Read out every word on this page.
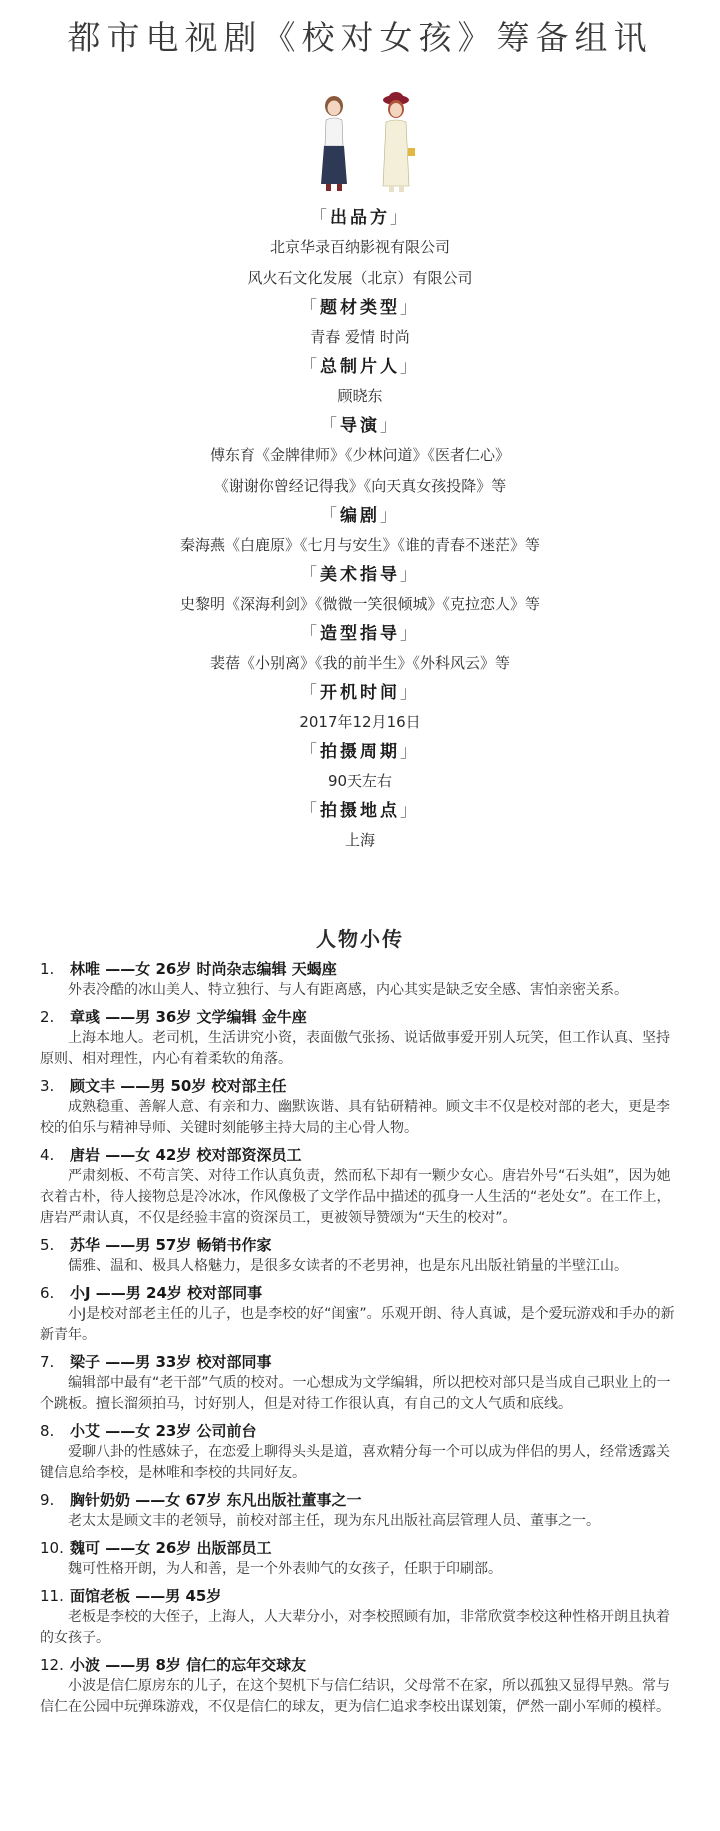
都市电视剧《校对女孩》筹备组讯
「出品方」
北京华录百纳影视有限公司
风火石文化发展（北京）有限公司
「题材类型」
青春 爱情 时尚
「总制片人」
顾晓东
「导演」
傅东育《金牌律师》《少林问道》《医者仁心》
《谢谢你曾经记得我》《向天真女孩投降》等
「编剧」
秦海燕《白鹿原》《七月与安生》《谁的青春不迷茫》等
「美术指导」
史黎明《深海利剑》《微微一笑很倾城》《克拉恋人》等
「造型指导」
裴蓓《小别离》《我的前半生》《外科风云》等
「开机时间」
2017年12月16日
「拍摄周期」
90天左右
「拍摄地点」
上海
人物小传
1. 林唯 ——女 26岁 时尚杂志编辑 天蝎座
外表冷酷的冰山美人、特立独行、与人有距离感，内心其实是缺乏安全感、害怕亲密关系。
2. 章彧 ——男 36岁 文学编辑 金牛座
上海本地人。老司机，生活讲究小资，表面傲气张扬、说话做事爱开别人玩笑，但工作认真、坚持原则、相对理性，内心有着柔软的角落。
3. 顾文丰 ——男 50岁 校对部主任
成熟稳重、善解人意、有亲和力、幽默诙谐、具有钻研精神。顾文丰不仅是校对部的老大，更是李校的伯乐与精神导师、关键时刻能够主持大局的主心骨人物。
4. 唐岩 ——女 42岁 校对部资深员工
严肃刻板、不苟言笑、对待工作认真负责，然而私下却有一颗少女心。唐岩外号“石头姐”，因为她衣着古朴，待人接物总是冷冰冰，作风像极了文学作品中描述的孤身一人生活的“老处女”。在工作上，唐岩严肃认真，不仅是经验丰富的资深员工，更被领导赞颂为“天生的校对”。
5. 苏华 ——男 57岁 畅销书作家
儒雅、温和、极具人格魅力，是很多女读者的不老男神，也是东凡出版社销量的半壁江山。
6. 小J ——男 24岁 校对部同事
小J是校对部老主任的儿子，也是李校的好“闺蜜”。乐观开朗、待人真诚，是个爱玩游戏和手办的新新青年。
7. 梁子 ——男 33岁 校对部同事
编辑部中最有“老干部”气质的校对。一心想成为文学编辑，所以把校对部只是当成自己职业上的一个跳板。擅长溜须拍马，讨好别人，但是对待工作很认真，有自己的文人气质和底线。
8. 小艾 ——女 23岁 公司前台
爱聊八卦的性感妹子，在恋爱上聊得头头是道，喜欢精分每一个可以成为伴侣的男人，经常透露关键信息给李校，是林唯和李校的共同好友。
9. 胸针奶奶 ——女 67岁 东凡出版社董事之一
老太太是顾文丰的老领导，前校对部主任，现为东凡出版社高层管理人员、董事之一。
10. 魏可 ——女 26岁 出版部员工
魏可性格开朗，为人和善，是一个外表帅气的女孩子，任职于印刷部。
11. 面馆老板 ——男 45岁
老板是李校的大侄子，上海人，人大辈分小，对李校照顾有加，非常欣赏李校这种性格开朗且执着的女孩子。
12. 小波 ——男 8岁 信仁的忘年交球友
小波是信仁原房东的儿子，在这个契机下与信仁结识，父母常不在家，所以孤独又显得早熟。常与信仁在公园中玩弹珠游戏，不仅是信仁的球友，更为信仁追求李校出谋划策，俨然一副小军师的模样。
